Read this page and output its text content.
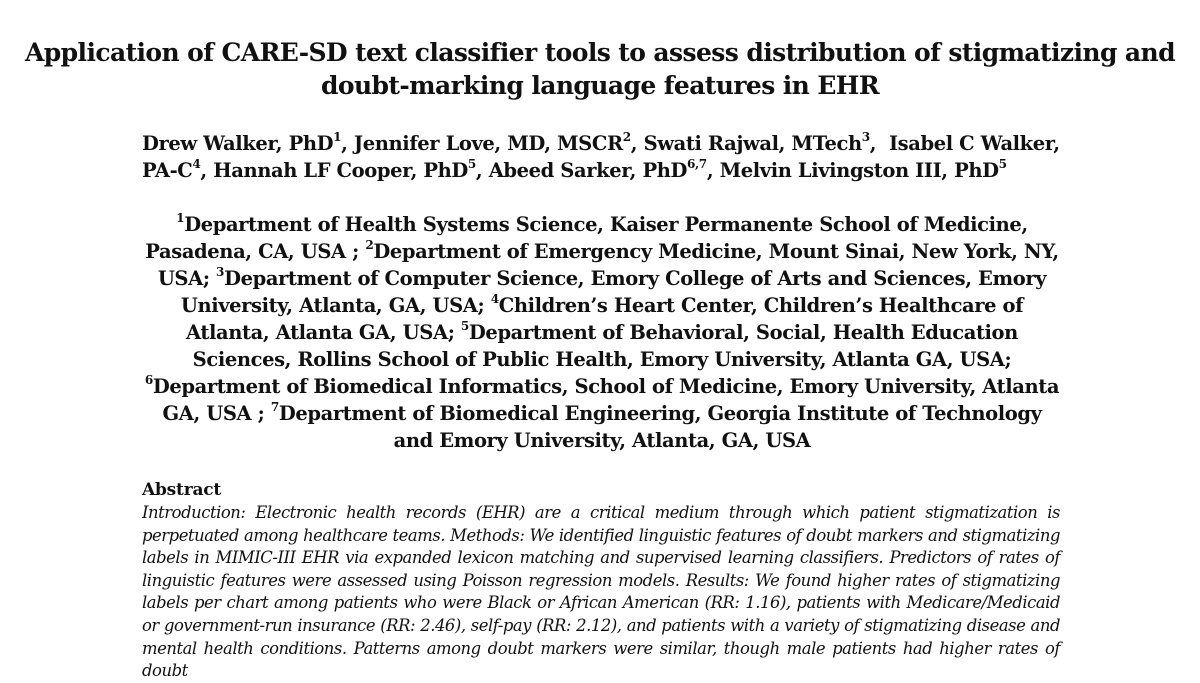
Application of CARE-SD text classifier tools to assess distribution of stigmatizing and doubt-marking language features in EHR
Drew Walker, PhD$^1$, Jennifer Love, MD, MSCR$^2$, Swati Rajwal, MTech$^3$,  Isabel C Walker, $PA-C^4$, Hannah LF Cooper, PhD$^5$, Abeed Sarker, PhD$^{6,7}$, Melvin Livingston III, PhD$^5$
$^1$Department of Health Systems Science, Kaiser Permanente School of Medicine, Pasadena, CA, USA ; $^2$Department of Emergency Medicine, Mount Sinai, New York, NY, USA; $^3$Department of Computer Science, Emory College of Arts and Sciences, Emory University, Atlanta, GA, USA; $^4$Children’s Heart Center, Children’s Healthcare of Atlanta, Atlanta GA, USA; $^5$Department of Behavioral, Social, Health Education Sciences, Rollins School of Public Health, Emory University, Atlanta GA, USA; $^6$Department of Biomedical Informatics, School of Medicine, Emory University, Atlanta GA, USA ; $^7$Department of Biomedical Engineering, Georgia Institute of Technology and Emory University, Atlanta, GA, USA
Abstract
Introduction: Electronic health records (EHR) are a critical medium through which patient stigmatization is perpetuated among healthcare teams. Methods: We identified linguistic features of doubt markers and stigmatizing labels in MIMIC-III EHR via expanded lexicon matching and supervised learning classifiers. Predictors of rates of linguistic features were assessed using Poisson regression models. Results: We found higher rates of stigmatizing labels per chart among patients who were Black or African American (RR: 1.16), patients with Medicare/Medicaid or government-run insurance (RR: 2.46), self-pay (RR: 2.12), and patients with a variety of stigmatizing disease and mental health conditions. Patterns among doubt markers were similar, though male patients had higher rates of doubt
